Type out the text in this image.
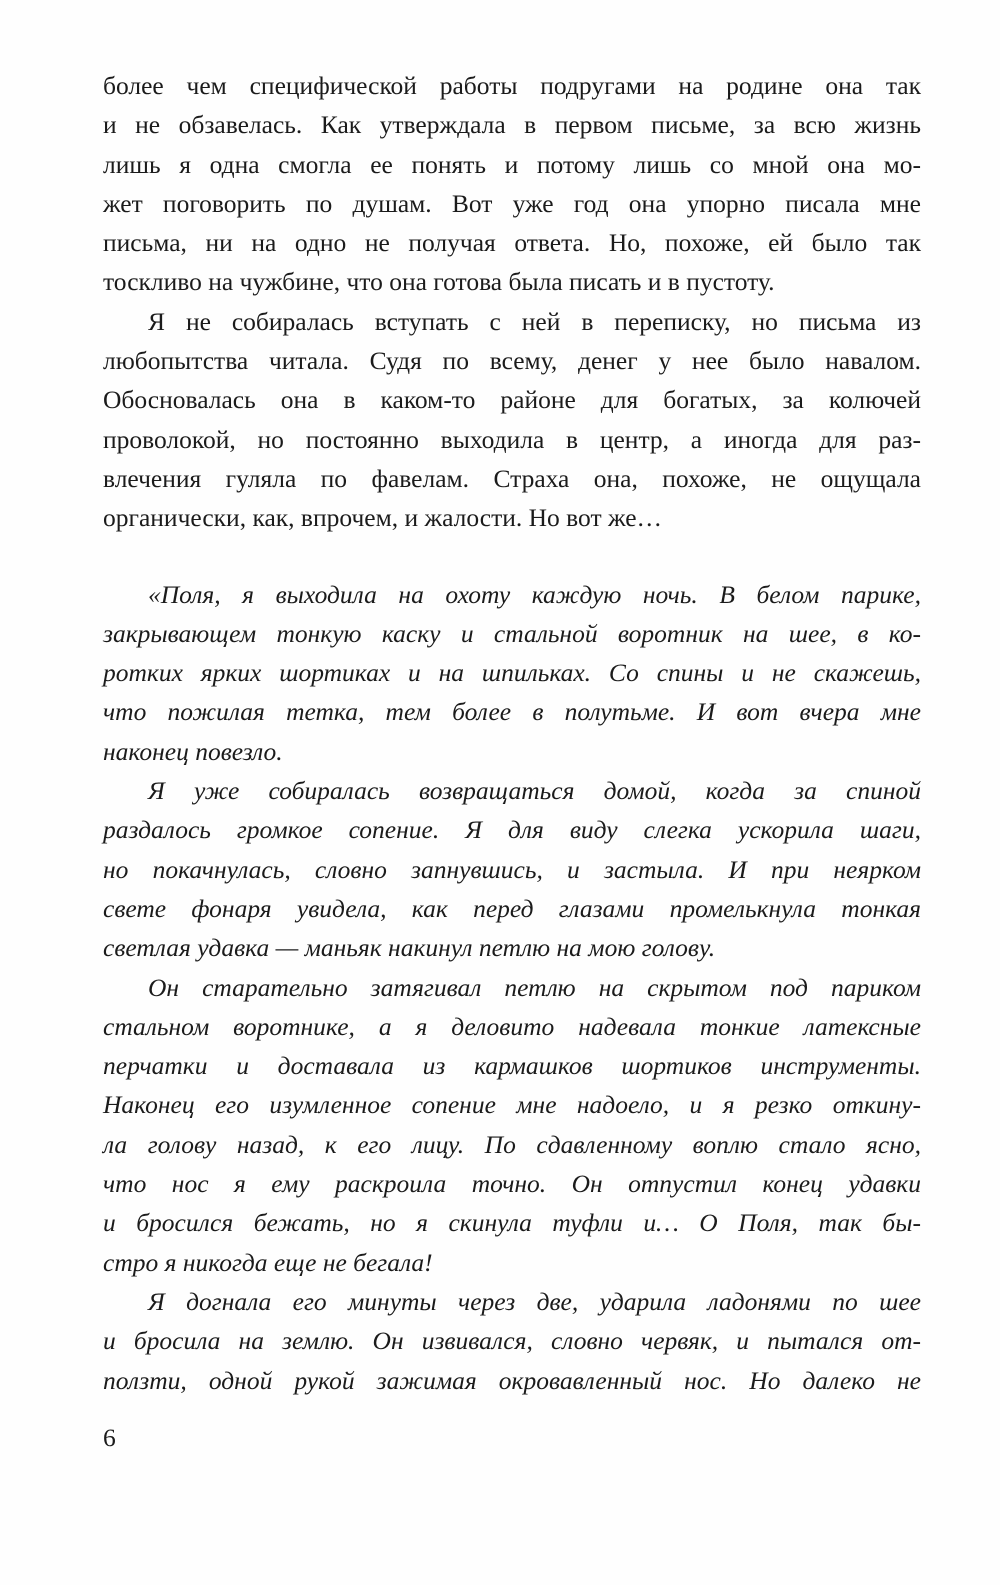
более чем специфической работы подругами на родине она так
и не обзавелась. Как утверждала в первом письме, за всю жизнь
лишь я одна смогла ее понять и потому лишь со мной она мо-
жет поговорить по душам. Вот уже год она упорно писала мне
письма, ни на одно не получая ответа. Но, похоже, ей было так
тоскливо на чужбине, что она готова была писать и в пустоту.
Я не собиралась вступать с ней в переписку, но письма из
любопытства читала. Судя по всему, денег у нее было навалом.
Обосновалась она в каком-то районе для богатых, за колючей
проволокой, но постоянно выходила в центр, а иногда для раз-
влечения гуляла по фавелам. Страха она, похоже, не ощущала
органически, как, впрочем, и жалости. Но вот же…
«Поля, я выходила на охоту каждую ночь. В белом парике,
закрывающем тонкую каску и стальной воротник на шее, в ко-
ротких ярких шортиках и на шпильках. Со спины и не скажешь,
что пожилая тетка, тем более в полутьме. И вот вчера мне
наконец повезло.
Я уже собиралась возвращаться домой, когда за спиной
раздалось громкое сопение. Я для виду слегка ускорила шаги,
но покачнулась, словно запнувшись, и застыла. И при неярком
свете фонаря увидела, как перед глазами промелькнула тонкая
светлая удавка — маньяк накинул петлю на мою голову.
Он старательно затягивал петлю на скрытом под париком
стальном воротнике, а я деловито надевала тонкие латексные
перчатки и доставала из кармашков шортиков инструменты.
Наконец его изумленное сопение мне надоело, и я резко откину-
ла голову назад, к его лицу. По сдавленному воплю стало ясно,
что нос я ему раскроила точно. Он отпустил конец удавки
и бросился бежать, но я скинула туфли и… О Поля, так бы-
стро я никогда еще не бегала!
Я догнала его минуты через две, ударила ладонями по шее
и бросила на землю. Он извивался, словно червяк, и пытался от-
ползти, одной рукой зажимая окровавленный нос. Но далеко не
6
